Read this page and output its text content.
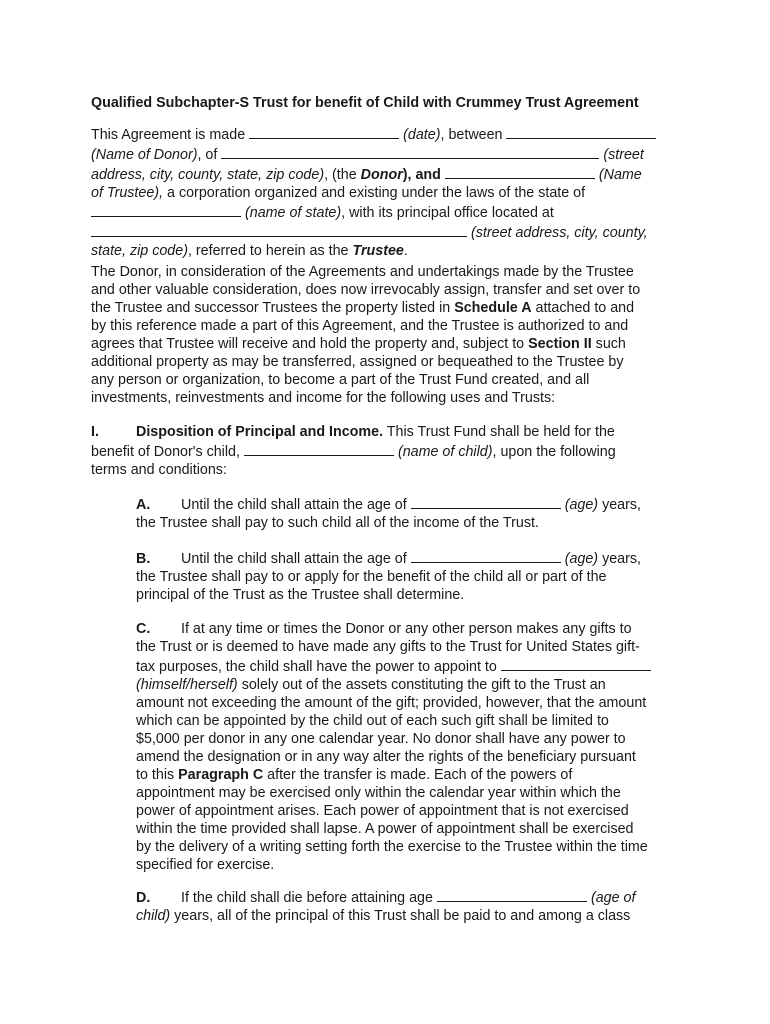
Qualified Subchapter-S Trust for benefit of Child with Crummey Trust Agreement
This Agreement is made	(date), between
(Name of Donor), of	(street
address, city, county, state, zip code), (the Donor), and	(Name
of Trustee), a corporation organized and existing under the laws of the state of
(name of state), with its principal office located at
(street address, city, county,
state, zip code), referred to herein as the Trustee.
The Donor, in consideration of the Agreements and undertakings made by the Trustee
and other valuable consideration, does now irrevocably assign, transfer and set over to
the Trustee and successor Trustees the property listed in Schedule A attached to and
by this reference made a part of this Agreement, and the Trustee is authorized to and
agrees that Trustee will receive and hold the property and, subject to Section II such
additional property as may be transferred, assigned or bequeathed to the Trustee by
any person or organization, to become a part of the Trust Fund created, and all
investments, reinvestments and income for the following uses and Trusts:
I.	Disposition of Principal and Income. This Trust Fund shall be held for the
benefit of Donor's child,	(name of child), upon the following
terms and conditions:
A. Until the child shall attain the age of	(age) years,
the Trustee shall pay to such child all of the income of the Trust.
B. Until the child shall attain the age of	(age) years,
the Trustee shall pay to or apply for the benefit of the child all or part of the
principal of the Trust as the Trustee shall determine.
C. If at any time or times the Donor or any other person makes any gifts to
the Trust or is deemed to have made any gifts to the Trust for United States gift-
tax purposes, the child shall have the power to appoint to
(himself/herself) solely out of the assets constituting the gift to the Trust an
amount not exceeding the amount of the gift; provided, however, that the amount
which can be appointed by the child out of each such gift shall be limited to
$5,000 per donor in any one calendar year. No donor shall have any power to
amend the designation or in any way alter the rights of the beneficiary pursuant
to this Paragraph C after the transfer is made. Each of the powers of
appointment may be exercised only within the calendar year within which the
power of appointment arises. Each power of appointment that is not exercised
within the time provided shall lapse. A power of appointment shall be exercised
by the delivery of a writing setting forth the exercise to the Trustee within the time
specified for exercise.
D. If the child shall die before attaining age	(age of
child) years, all of the principal of this Trust shall be paid to and among a class
